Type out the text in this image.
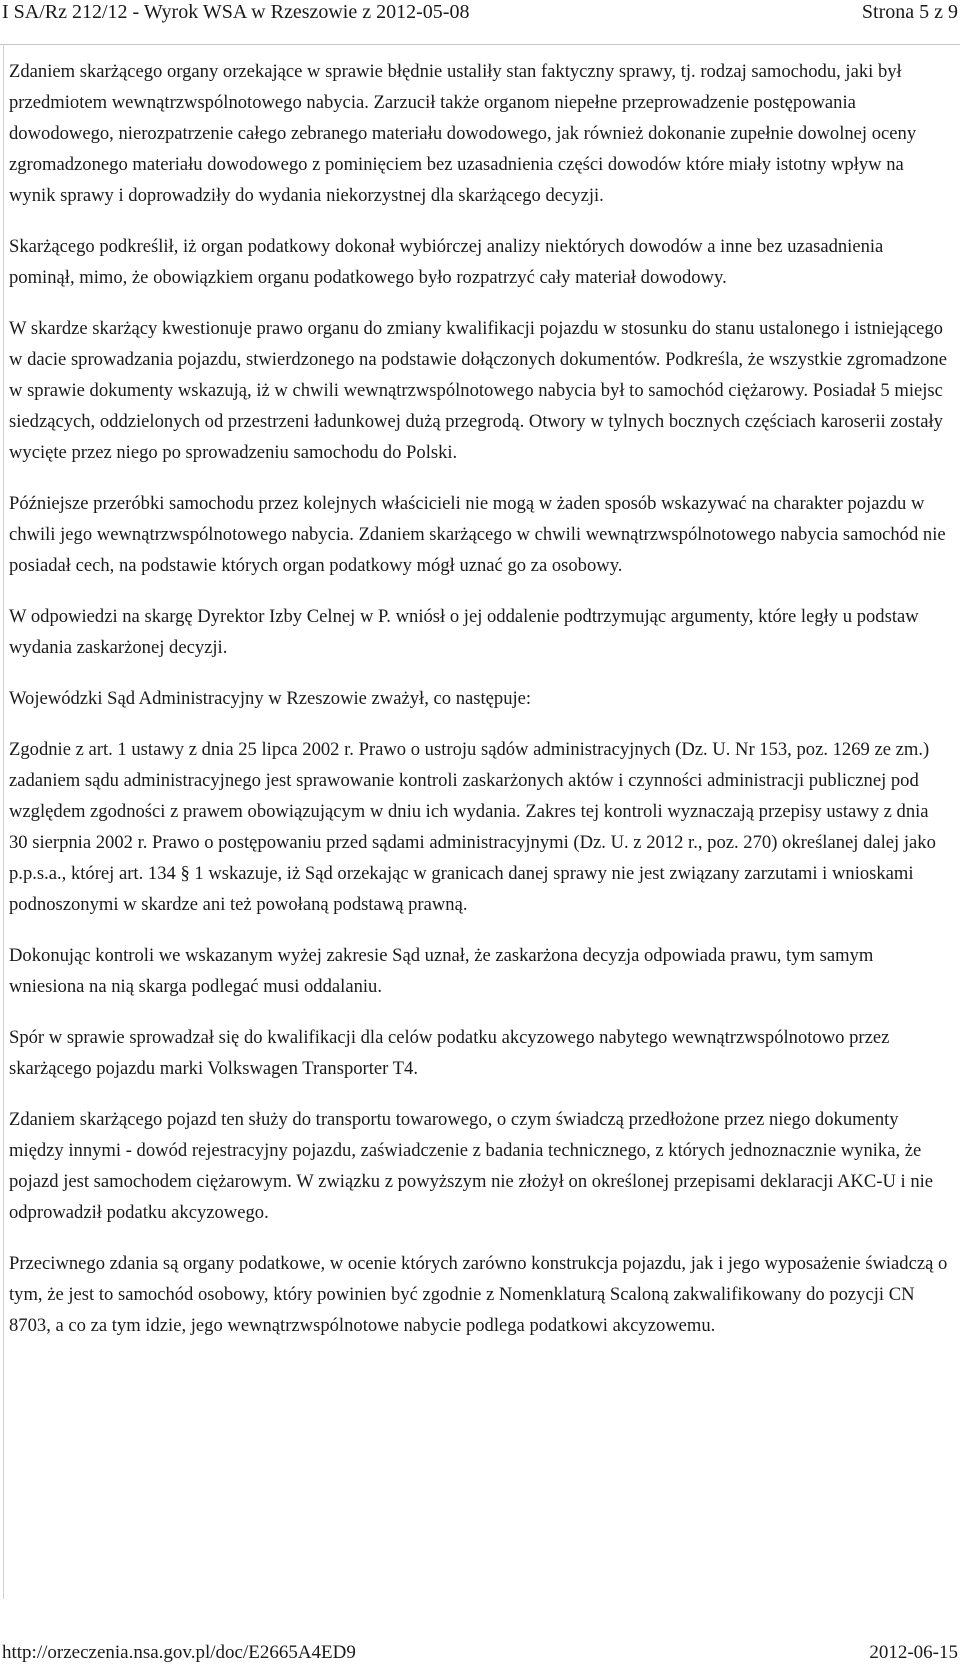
I SA/Rz 212/12 - Wyrok WSA w Rzeszowie z 2012-05-08	Strona 5 z 9

Zdaniem skarżącego organy orzekające w sprawie błędnie ustaliły stan faktyczny sprawy, tj. rodzaj samochodu, jaki był przedmiotem wewnątrzwspólnotowego nabycia. Zarzucił także organom niepełne przeprowadzenie postępowania dowodowego, nierozpatrzenie całego zebranego materiału dowodowego, jak również dokonanie zupełnie dowolnej oceny zgromadzonego materiału dowodowego z pominięciem bez uzasadnienia części dowodów które miały istotny wpływ na wynik sprawy i doprowadziły do wydania niekorzystnej dla skarżącego decyzji.

Skarżącego podkreślił, iż organ podatkowy dokonał wybiórczej analizy niektórych dowodów a inne bez uzasadnienia pominął, mimo, że obowiązkiem organu podatkowego było rozpatrzyć cały materiał dowodowy.

W skardze skarżący kwestionuje prawo organu do zmiany kwalifikacji pojazdu w stosunku do stanu ustalonego i istniejącego w dacie sprowadzania pojazdu, stwierdzonego na podstawie dołączonych dokumentów. Podkreśla, że wszystkie zgromadzone w sprawie dokumenty wskazują, iż w chwili wewnątrzwspólnotowego nabycia był to samochód ciężarowy. Posiadał 5 miejsc siedzących, oddzielonych od przestrzeni ładunkowej dużą przegrodą. Otwory w tylnych bocznych częściach karoserii zostały wycięte przez niego po sprowadzeniu samochodu do Polski.

Późniejsze przeróbki samochodu przez kolejnych właścicieli nie mogą w żaden sposób wskazywać na charakter pojazdu w chwili jego wewnątrzwspólnotowego nabycia. Zdaniem skarżącego w chwili wewnątrzwspólnotowego nabycia samochód nie posiadał cech, na podstawie których organ podatkowy mógł uznać go za osobowy.

W odpowiedzi na skargę Dyrektor Izby Celnej w P. wniósł o jej oddalenie podtrzymując argumenty, które legły u podstaw wydania zaskarżonej decyzji.

Wojewódzki Sąd Administracyjny w Rzeszowie zważył, co następuje:

Zgodnie z art. 1 ustawy z dnia 25 lipca 2002 r. Prawo o ustroju sądów administracyjnych (Dz. U. Nr 153, poz. 1269 ze zm.) zadaniem sądu administracyjnego jest sprawowanie kontroli zaskarżonych aktów i czynności administracji publicznej pod względem zgodności z prawem obowiązującym w dniu ich wydania. Zakres tej kontroli wyznaczają przepisy ustawy z dnia 30 sierpnia 2002 r. Prawo o postępowaniu przed sądami administracyjnymi (Dz. U. z 2012 r., poz. 270) określanej dalej jako p.p.s.a., której art. 134 § 1 wskazuje, iż Sąd orzekając w granicach danej sprawy nie jest związany zarzutami i wnioskami podnoszonymi w skardze ani też powołaną podstawą prawną.

Dokonując kontroli we wskazanym wyżej zakresie Sąd uznał, że zaskarżona decyzja odpowiada prawu, tym samym wniesiona na nią skarga podlegać musi oddalaniu.

Spór w sprawie sprowadzał się do kwalifikacji dla celów podatku akcyzowego nabytego wewnątrzwspólnotowo przez skarżącego pojazdu marki Volkswagen Transporter T4.

Zdaniem skarżącego pojazd ten służy do transportu towarowego, o czym świadczą przedłożone przez niego dokumenty między innymi - dowód rejestracyjny pojazdu, zaświadczenie z badania technicznego, z których jednoznacznie wynika, że pojazd jest samochodem ciężarowym. W związku z powyższym nie złożył on określonej przepisami deklaracji AKC-U i nie odprowadził podatku akcyzowego.

Przeciwnego zdania są organy podatkowe, w ocenie których zarówno konstrukcja pojazdu, jak i jego wyposażenie świadczą o tym, że jest to samochód osobowy, który powinien być zgodnie z Nomenklaturą Scaloną zakwalifikowany do pozycji CN 8703, a co za tym idzie, jego wewnątrzwspólnotowe nabycie podlega podatkowi akcyzowemu.

http://orzeczenia.nsa.gov.pl/doc/E2665A4ED9	2012-06-15
